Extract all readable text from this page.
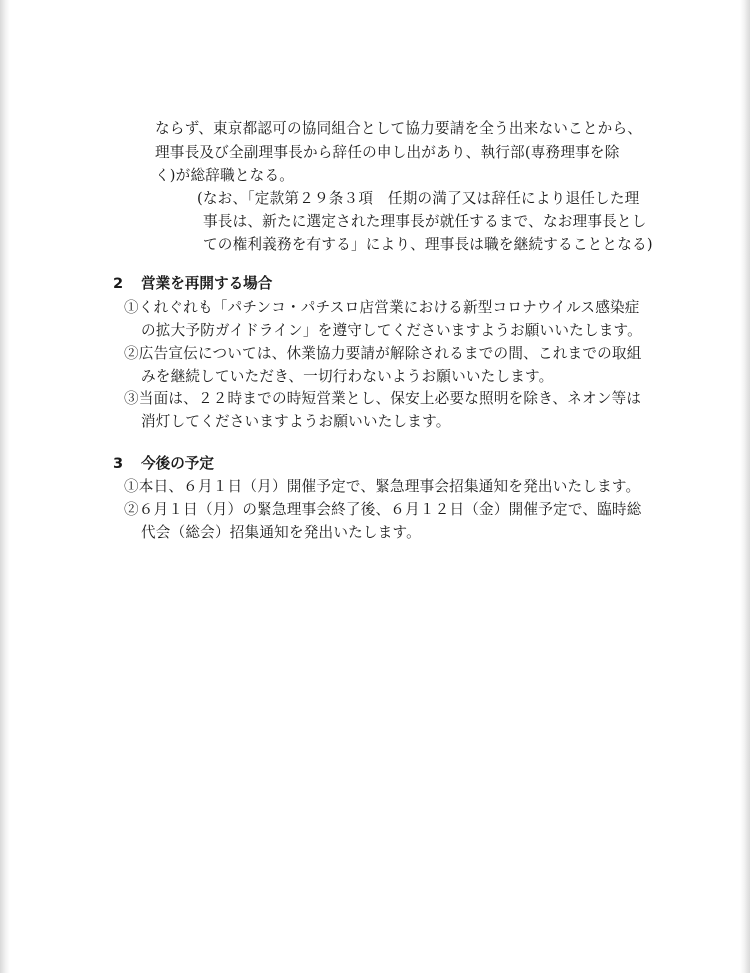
ならず、東京都認可の協同組合として協力要請を全う出来ないことから、
理事長及び全副理事長から辞任の申し出があり、執行部(専務理事を除
く)が総辞職となる。
(なお、「定款第２９条３項　任期の満了又は辞任により退任した理
事長は、新たに選定された理事長が就任するまで、なお理事長とし
ての権利義務を有する」により、理事長は職を継続することとなる)
2 営業を再開する場合
①くれぐれも「パチンコ・パチスロ店営業における新型コロナウイルス感染症
の拡大予防ガイドライン」を遵守してくださいますようお願いいたします。
②広告宣伝については、休業協力要請が解除されるまでの間、これまでの取組
みを継続していただき、一切行わないようお願いいたします。
③当面は、２２時までの時短営業とし、保安上必要な照明を除き、ネオン等は
消灯してくださいますようお願いいたします。
3 今後の予定
①本日、６月１日（月）開催予定で、緊急理事会招集通知を発出いたします。
②６月１日（月）の緊急理事会終了後、６月１２日（金）開催予定で、臨時総
代会（総会）招集通知を発出いたします。
